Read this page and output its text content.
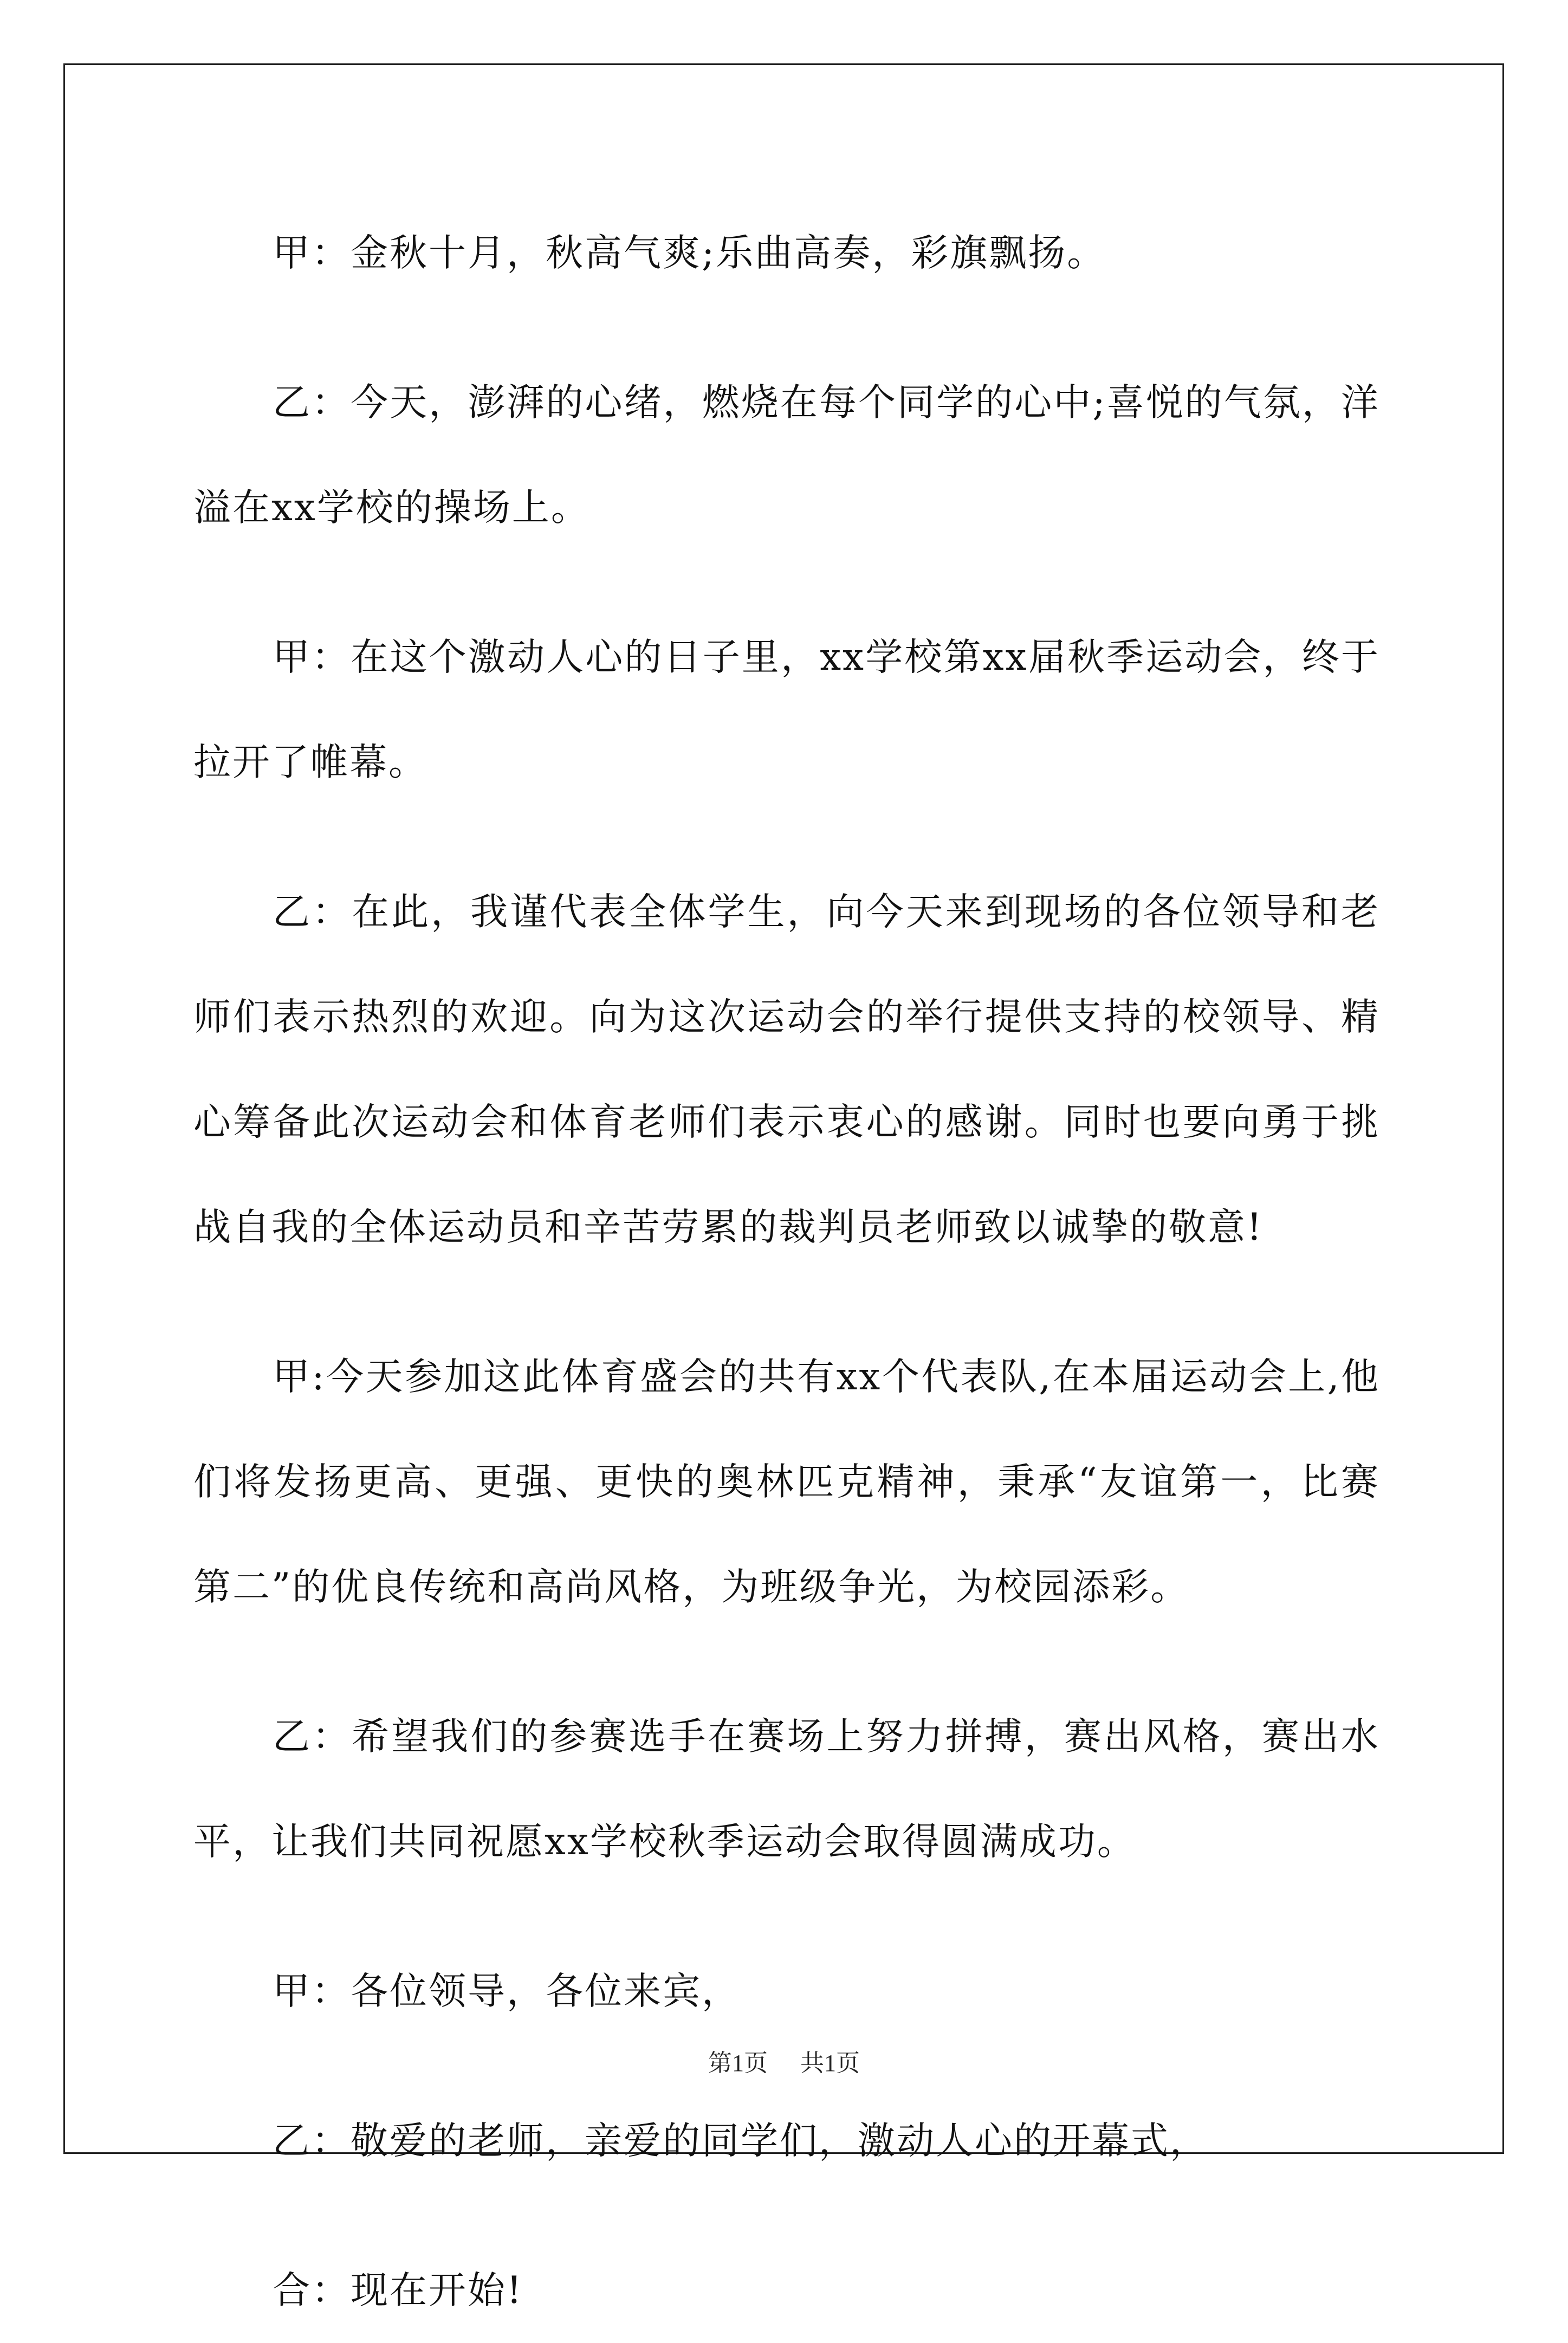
甲：金秋十月，秋高气爽;乐曲高奏，彩旗飘扬。

乙：今天，澎湃的心绪，燃烧在每个同学的心中;喜悦的气氛，洋溢在xx学校的操场上。

甲：在这个激动人心的日子里，xx学校第xx届秋季运动会，终于拉开了帷幕。

乙：在此，我谨代表全体学生，向今天来到现场的各位领导和老师们表示热烈的欢迎。向为这次运动会的举行提供支持的校领导、精心筹备此次运动会和体育老师们表示衷心的感谢。同时也要向勇于挑战自我的全体运动员和辛苦劳累的裁判员老师致以诚挚的敬意!

甲:今天参加这此体育盛会的共有xx个代表队,在本届运动会上,他们将发扬更高、更强、更快的奥林匹克精神，秉承“友谊第一，比赛第二”的优良传统和高尚风格，为班级争光，为校园添彩。

乙：希望我们的参赛选手在赛场上努力拼搏，赛出风格，赛出水平，让我们共同祝愿xx学校秋季运动会取得圆满成功。

甲：各位领导，各位来宾，

乙：敬爱的老师，亲爱的同学们，激动人心的开幕式，

合：现在开始!

第1页 共1页
